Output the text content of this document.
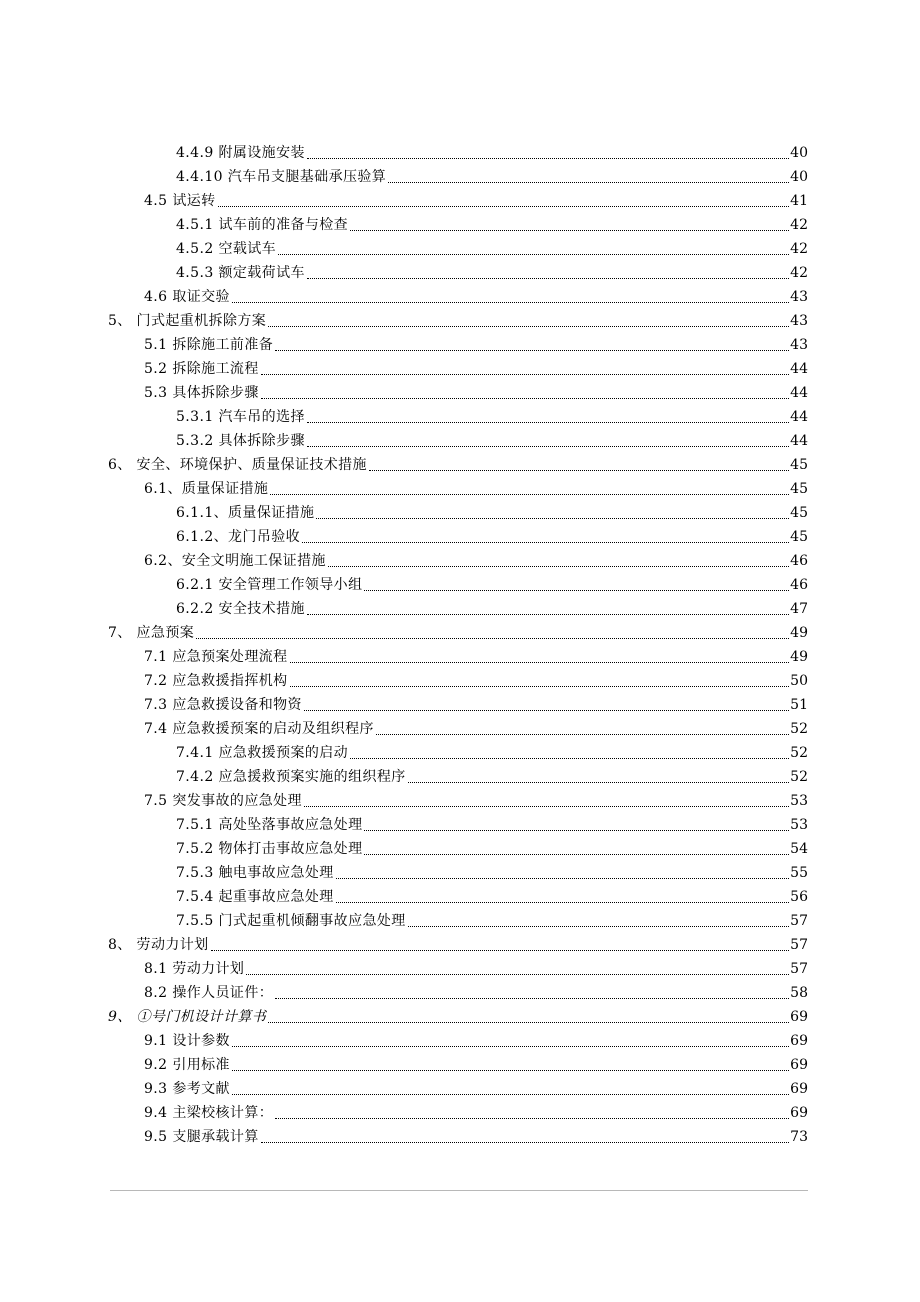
4.4.9 附属设施安装	40
4.4.10 汽车吊支腿基础承压验算	40
4.5 试运转	41
4.5.1 试车前的准备与检查	42
4.5.2 空载试车	42
4.5.3 额定载荷试车	42
4.6 取证交验	43
5、 门式起重机拆除方案	43
5.1 拆除施工前准备	43
5.2 拆除施工流程	44
5.3 具体拆除步骤	44
5.3.1 汽车吊的选择	44
5.3.2 具体拆除步骤	44
6、 安全、环境保护、质量保证技术措施	45
6.1、质量保证措施	45
6.1.1、质量保证措施	45
6.1.2、龙门吊验收	45
6.2、安全文明施工保证措施	46
6.2.1 安全管理工作领导小组	46
6.2.2 安全技术措施	47
7、 应急预案	49
7.1 应急预案处理流程	49
7.2 应急救援指挥机构	50
7.3 应急救援设备和物资	51
7.4 应急救援预案的启动及组织程序	52
7.4.1 应急救援预案的启动	52
7.4.2 应急援救预案实施的组织程序	52
7.5 突发事故的应急处理	53
7.5.1 高处坠落事故应急处理	53
7.5.2 物体打击事故应急处理	54
7.5.3 触电事故应急处理	55
7.5.4 起重事故应急处理	56
7.5.5 门式起重机倾翻事故应急处理	57
8、 劳动力计划	57
8.1 劳动力计划	57
8.2 操作人员证件：	58
9、 ①号门机设计计算书	69
9.1 设计参数	69
9.2 引用标准	69
9.3 参考文献	69
9.4 主梁校核计算：	69
9.5 支腿承载计算	73
